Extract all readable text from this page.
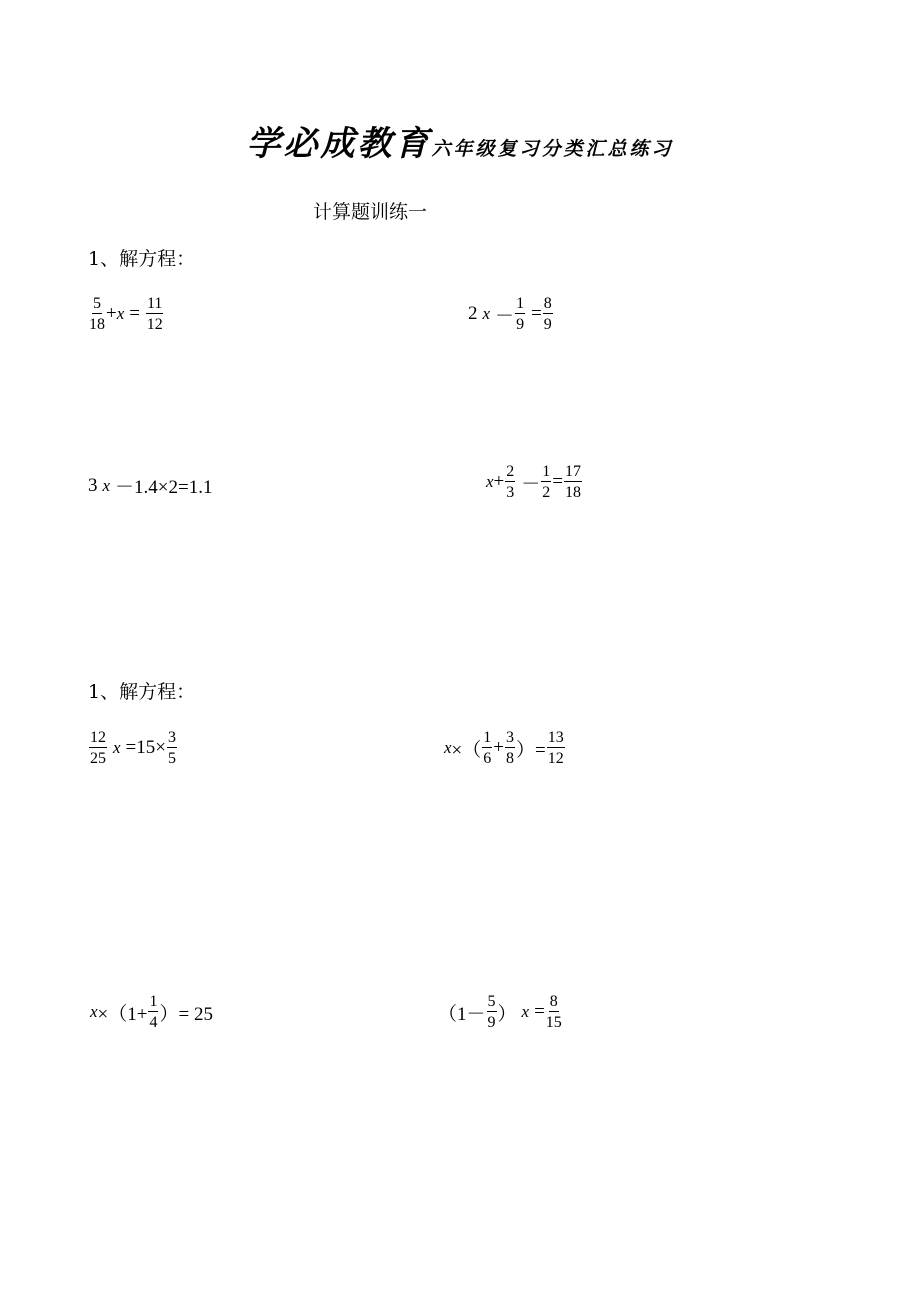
学必成教育六年级复习分类汇总练习
计算题训练一
1、解方程：
$\frac{5}{18} + x = \frac{11}{12}$	2 $x - \frac{1}{9} = \frac{8}{9}$
3 x －1.4×2=1.1	$x + \frac{2}{3} - \frac{1}{2} = \frac{17}{18}$
1、解方程：
$\frac{12}{25}$ $x =15\times \frac{3}{5}$	x ×（ $\frac{1}{6} + \frac{3}{8}$ ）= $\frac{13}{12}$
$x \times(1+ \frac{1}{4}$ ）= 25	（$1- \frac{5}{9}$ ） $x = \frac{8}{15}$
